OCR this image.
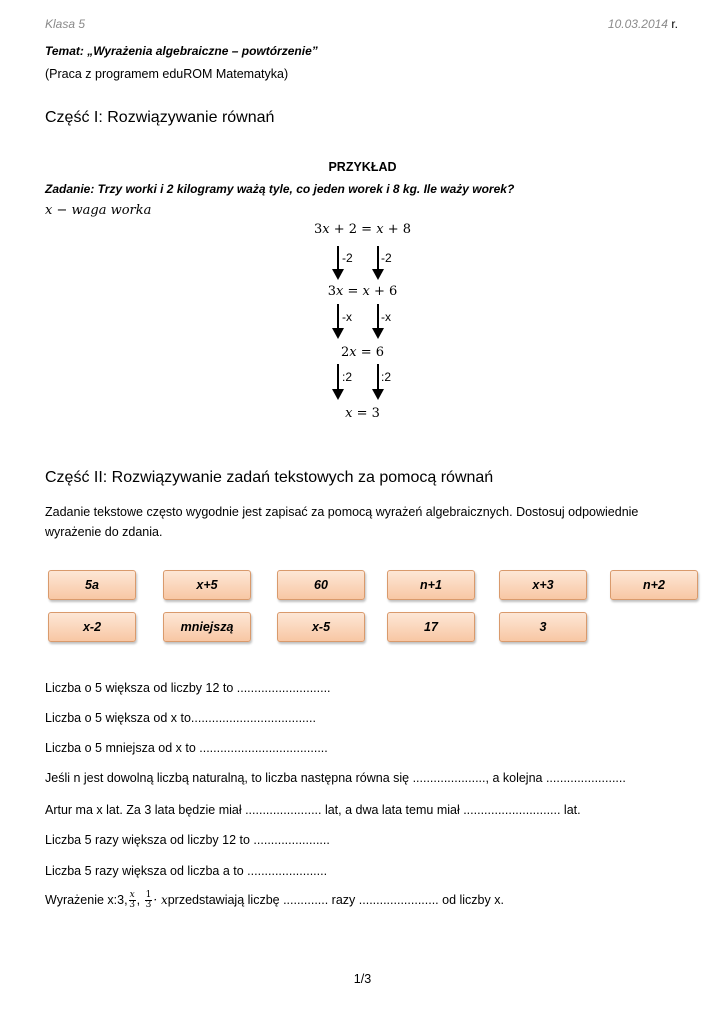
Klasa 5	10.03.2014 r.
Temat: „Wyrażenia algebraiczne – powtórzenie”
(Praca z programem eduROM Matematyka)
Część I: Rozwiązywanie równań
PRZYKŁAD
Zadanie: Trzy worki i 2 kilogramy ważą tyle, co jeden worek i 8 kg. Ile waży worek?
x − waga worka
3x + 2 = x + 8
-2 -2
3x = x + 6
-x -x
2x = 6
:2 :2
x = 3
Część II: Rozwiązywanie zadań tekstowych za pomocą równań
Zadanie tekstowe często wygodnie jest zapisać za pomocą wyrażeń algebraicznych. Dostosuj odpowiednie wyrażenie do zdania.
5a	x+5	60	n+1	x+3	n+2
x-2	mniejszą	x-5	17	3
Liczba o 5 większa od liczby 12 to ...........................
Liczba o 5 większa od x to....................................
Liczba o 5 mniejsza od x to .....................................
Jeśli n jest dowolną liczbą naturalną, to liczba następna równa się ....................., a kolejna .......................
Artur ma x lat. Za 3 lata będzie miał ...................... lat, a dwa lata temu miał ............................ lat.
Liczba 5 razy większa od liczby 12 to ......................
Liczba 5 razy większa od liczba a to .......................
Wyrażenie x:3, $\frac{x}{3}$ , $\frac{1}{3}$ · xprzedstawiają liczbę ............. razy ....................... od liczby x.
1/3
